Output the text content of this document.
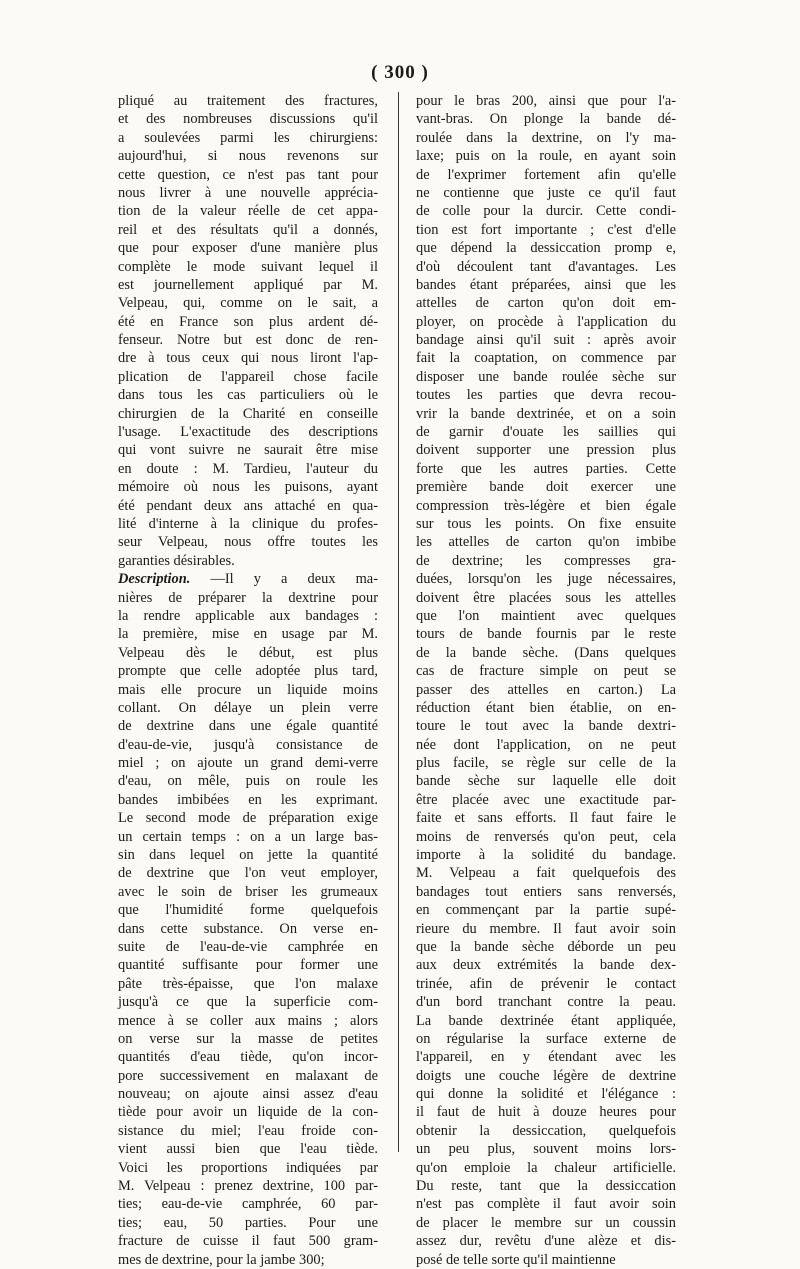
( 300 )
pliqué au traitement des fractures,
et des nombreuses discussions qu'il
a soulevées parmi les chirurgiens:
aujourd'hui, si nous revenons sur
cette question, ce n'est pas tant pour
nous livrer à une nouvelle apprécia-
tion de la valeur réelle de cet appa-
reil et des résultats qu'il a donnés,
que pour exposer d'une manière plus
complète le mode suivant lequel il
est journellement appliqué par M.
Velpeau, qui, comme on le sait, a
été en France son plus ardent dé-
fenseur. Notre but est donc de ren-
dre à tous ceux qui nous liront l'ap-
plication de l'appareil chose facile
dans tous les cas particuliers où le
chirurgien de la Charité en conseille
l'usage. L'exactitude des descriptions
qui vont suivre ne saurait être mise
en doute : M. Tardieu, l'auteur du
mémoire où nous les puisons, ayant
été pendant deux ans attaché en qua-
lité d'interne à la clinique du profes-
seur Velpeau, nous offre toutes les
garanties désirables.
Description. —Il y a deux ma-
nières de préparer la dextrine pour
la rendre applicable aux bandages :
la première, mise en usage par M.
Velpeau dès le début, est plus
prompte que celle adoptée plus tard,
mais elle procure un liquide moins
collant. On délaye un plein verre
de dextrine dans une égale quantité
d'eau-de-vie, jusqu'à consistance de
miel ; on ajoute un grand demi-verre
d'eau, on mêle, puis on roule les
bandes imbibées en les exprimant.
Le second mode de préparation exige
un certain temps : on a un large bas-
sin dans lequel on jette la quantité
de dextrine que l'on veut employer,
avec le soin de briser les grumeaux
que l'humidité forme quelquefois
dans cette substance. On verse en-
suite de l'eau-de-vie camphrée en
quantité suffisante pour former une
pâte très-épaisse, que l'on malaxe
jusqu'à ce que la superficie com-
mence à se coller aux mains ; alors
on verse sur la masse de petites
quantités d'eau tiède, qu'on incor-
pore successivement en malaxant de
nouveau; on ajoute ainsi assez d'eau
tiède pour avoir un liquide de la con-
sistance du miel; l'eau froide con-
vient aussi bien que l'eau tiède.
Voici les proportions indiquées par
M. Velpeau : prenez dextrine, 100 par-
ties; eau-de-vie camphrée, 60 par-
ties; eau, 50 parties. Pour une
fracture de cuisse il faut 500 gram-
mes de dextrine, pour la jambe 300;
pour le bras 200, ainsi que pour l'a-
vant-bras. On plonge la bande dé-
roulée dans la dextrine, on l'y ma-
laxe; puis on la roule, en ayant soin
de l'exprimer fortement afin qu'elle
ne contienne que juste ce qu'il faut
de colle pour la durcir. Cette condi-
tion est fort importante ; c'est d'elle
que dépend la dessiccation promp e,
d'où découlent tant d'avantages. Les
bandes étant préparées, ainsi que les
attelles de carton qu'on doit em-
ployer, on procède à l'application du
bandage ainsi qu'il suit : après avoir
fait la coaptation, on commence par
disposer une bande roulée sèche sur
toutes les parties que devra recou-
vrir la bande dextrinée, et on a soin
de garnir d'ouate les saillies qui
doivent supporter une pression plus
forte que les autres parties. Cette
première bande doit exercer une
compression très-légère et bien égale
sur tous les points. On fixe ensuite
les attelles de carton qu'on imbibe
de dextrine; les compresses gra-
duées, lorsqu'on les juge nécessaires,
doivent être placées sous les attelles
que l'on maintient avec quelques
tours de bande fournis par le reste
de la bande sèche. (Dans quelques
cas de fracture simple on peut se
passer des attelles en carton.) La
réduction étant bien établie, on en-
toure le tout avec la bande dextri-
née dont l'application, on ne peut
plus facile, se règle sur celle de la
bande sèche sur laquelle elle doit
être placée avec une exactitude par-
faite et sans efforts. Il faut faire le
moins de renversés qu'on peut, cela
importe à la solidité du bandage.
M. Velpeau a fait quelquefois des
bandages tout entiers sans renversés,
en commençant par la partie supé-
rieure du membre. Il faut avoir soin
que la bande sèche déborde un peu
aux deux extrémités la bande dex-
trinée, afin de prévenir le contact
d'un bord tranchant contre la peau.
La bande dextrinée étant appliquée,
on régularise la surface externe de
l'appareil, en y étendant avec les
doigts une couche légère de dextrine
qui donne la solidité et l'élégance :
il faut de huit à douze heures pour
obtenir la dessiccation, quelquefois
un peu plus, souvent moins lors-
qu'on emploie la chaleur artificielle.
Du reste, tant que la dessiccation
n'est pas complète il faut avoir soin
de placer le membre sur un coussin
assez dur, revêtu d'une alèze et dis-
posé de telle sorte qu'il maintienne
